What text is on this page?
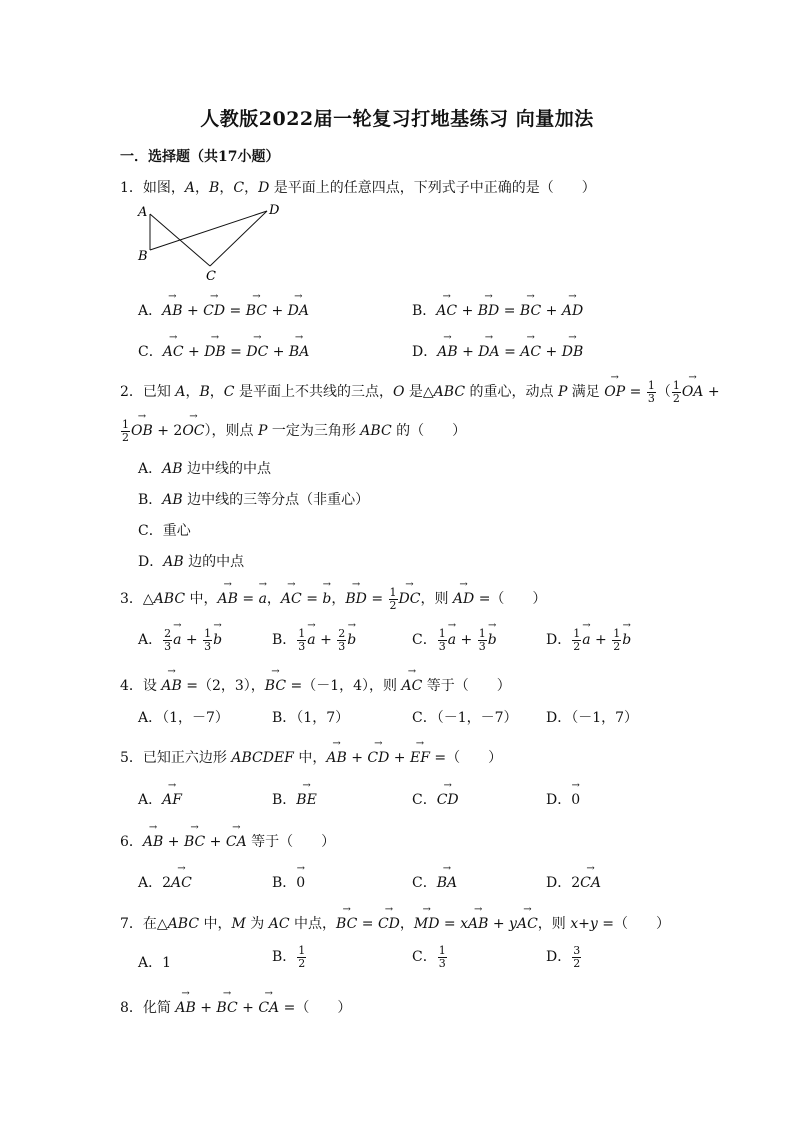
人教版2022届一轮复习打地基练习 向量加法
一．选择题（共17小题）
1．如图，A，B，C，D 是平面上的任意四点，下列式子中正确的是（　　）
A
B
C
D
A．→ AB + → CD = → BC + → DA	B．→ AC + → BD = → BC + → AD
C．→ AC + → DB = → DC + → BA	D．→ AB + → DA = → AC + → DB
2．已知 A，B，C 是平面上不共线的三点，O 是△ABC 的重心，动点 P 满足 → OP = $\frac{1}{3}$ （ $\frac{1}{2}$
→ OA +
$\frac{1}{2}$
→ OB + 2→ OC），则点 P 一定为三角形 ABC 的（　　）
A．AB 边中线的中点
B．AB 边中线的三等分点（非重心）
C．重心
D．AB 边的中点
3．△ABC 中，→ AB = → a，→ AC = → b，→ BD = $\frac{1}{2}$
→ DC，则 → AD =（　　）
A． $\frac{2}{3}$
→ $a + \frac{1}{3}$
→ b	B． $\frac{1}{3}$
→ $a + \frac{2}{3}$
→ b	C． $\frac{1}{3}$
→ $a + \frac{1}{3}$
→ b	D． $\frac{1}{2}$
→ $a + \frac{1}{2}$
→ b
4．设 → AB =（2，3），→ BC =（－1，4），则 → AC 等于（　　）
A．（1，－7）	B．（1，7）	C．（－1，－7） D．（－1，7）
5．已知正六边形 ABCDEF 中，→ AB + → CD + → EF =（　　）
A．→ AF	B．→ BE	C．→ CD	D．→ 0
6．→ AB + → BC + → CA 等于（　　）
A．2→ AC	B．→ 0	C．→ BA	D．2→ CA
7．在△ABC 中，M 为 AC 中点，→ BC = → CD，→ MD = x→ AB + y→ AC，则 x+y =（　　）
A．1	B． $\frac{1}{2}$	C． $\frac{1}{3}$	D． $\frac{3}{2}$
8．化简 → AB + → BC + → CA =（　　）
